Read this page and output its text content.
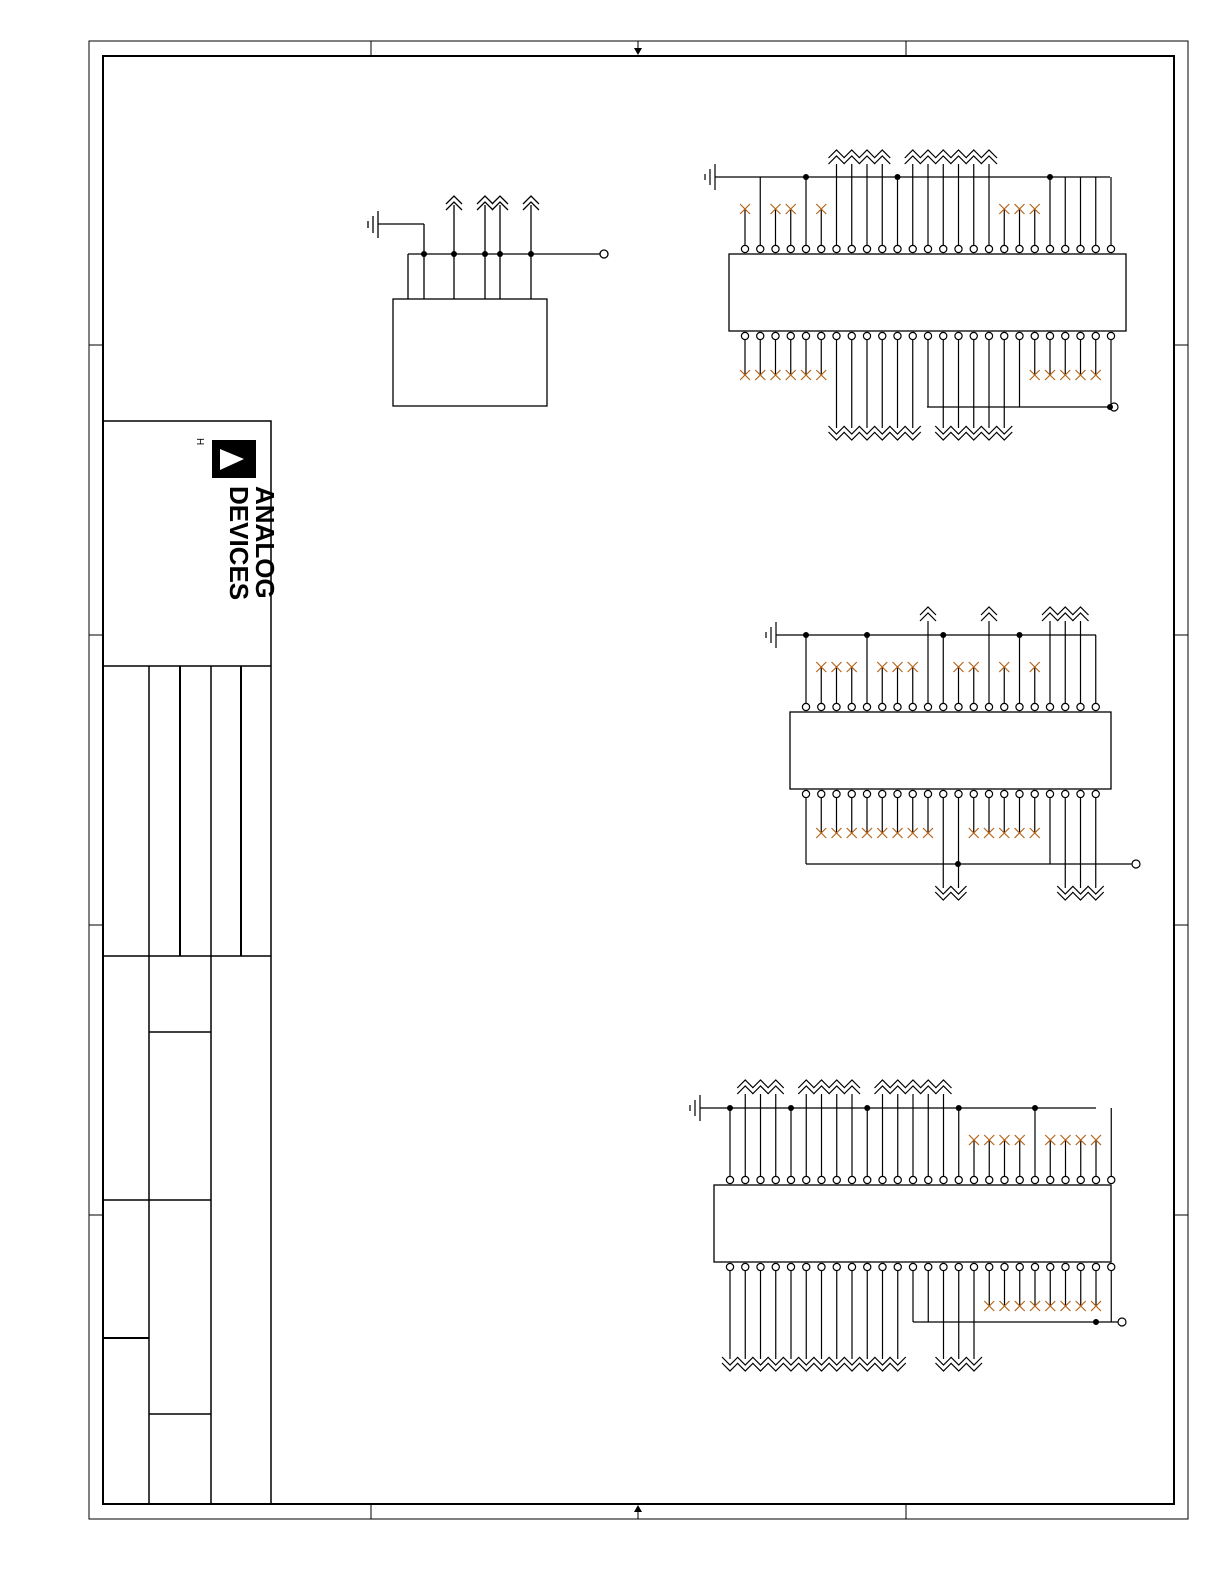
ANALOG
DEVICES
H
